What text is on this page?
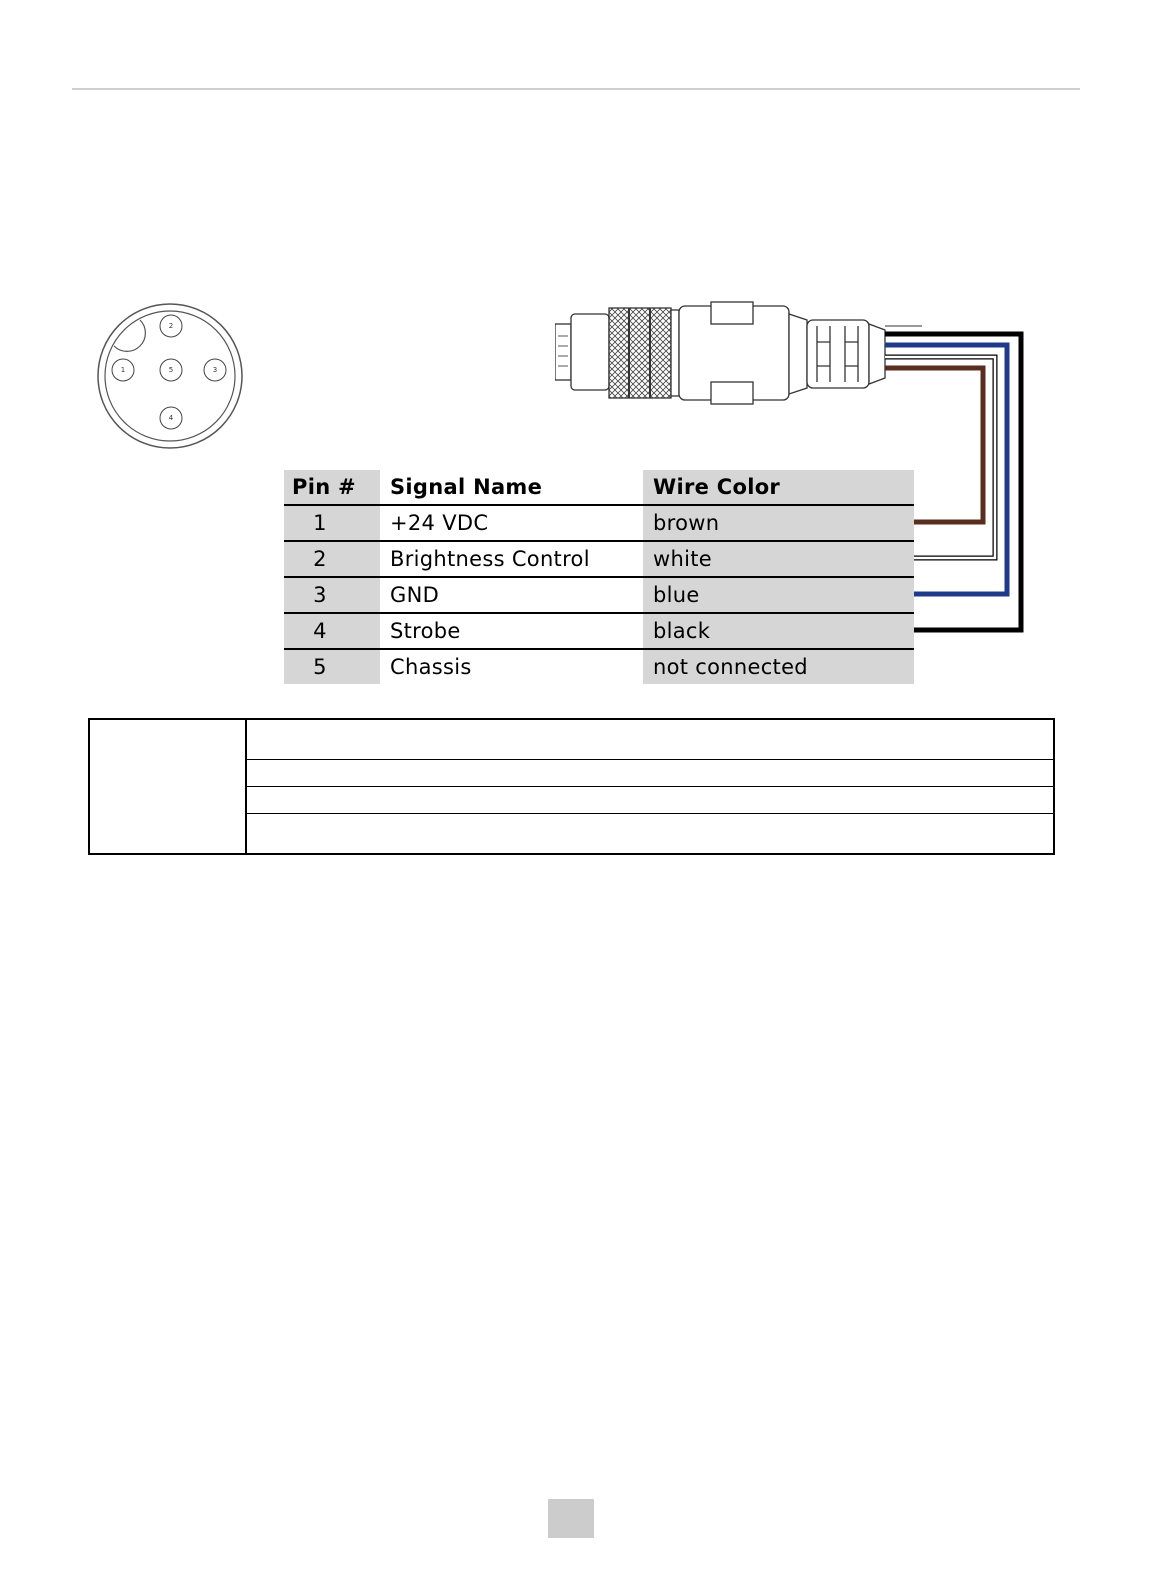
1
2
3
4
5
Pin #	Signal Name	Wire Color
1	+24 VDC	brown
2	Brightness Control	white
3	GND	blue
4	Strobe	black
5	Chassis	not connected
